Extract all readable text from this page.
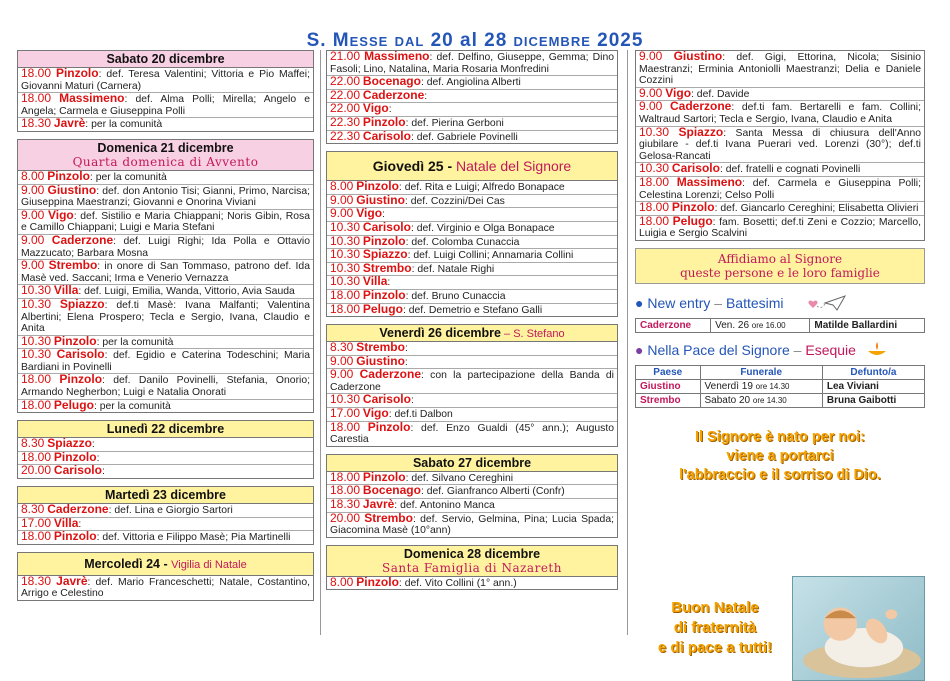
S. Messe dal 20 al 28 dicembre 2025
Sabato 20 dicembre
18.00 Pinzolo: def. Teresa Valentini; Vittoria e Pio Maffei; Giovanni Maturi (Carnera)
18.00 Massimeno: def. Alma Polli; Mirella; Angelo e Angela; Carmela e Giuseppina Polli
18.30 Javrè: per la comunità
Domenica 21 dicembre
Quarta domenica di Avvento
8.00 Pinzolo: per la comunità
9.00 Giustino: def. don Antonio Tisi; Gianni, Primo, Narcisa; Giuseppina Maestranzi; Giovanni e Onorina Viviani
9.00 Vigo: def. Sistilio e Maria Chiappani; Noris Gibin, Rosa e Camillo Chiappani; Luigi e Maria Stefani
9.00 Caderzone: def. Luigi Righi; Ida Polla e Ottavio Mazzucato; Barbara Mosna
9.00 Strembo: in onore di San Tommaso, patrono def. Ida Masè ved. Saccani; Irma e Venerio Vernazza
10.30 Villa: def. Luigi, Emilia, Wanda, Vittorio, Avia Sauda
10.30 Spiazzo: def.ti Masè: Ivana Malfanti; Valentina Albertini; Elena Prospero; Tecla e Sergio, Ivana, Claudio e Anita
10.30 Pinzolo: per la comunità
10.30 Carisolo: def. Egidio e Caterina Todeschini; Maria Bardiani in Povinelli
18.00 Pinzolo: def. Danilo Povinelli, Stefania, Onorio; Armando Negherbon; Luigi e Natalia Onorati
18.00 Pelugo: per la comunità
Lunedì 22 dicembre
8.30 Spiazzo:
18.00 Pinzolo:
20.00 Carisolo:
Martedì 23 dicembre
8.30 Caderzone: def. Lina e Giorgio Sartori
17.00 Villa:
18.00 Pinzolo: def. Vittoria e Filippo Masè; Pia Martinelli
Mercoledì 24 - Vigilia di Natale
18.30 Javrè: def. Mario Franceschetti; Natale, Costantino, Arrigo e Celestino
21.00 Massimeno: def. Delfino, Giuseppe, Gemma; Dino Fasoli; Lino, Natalina, Maria Rosaria Monfredini
22.00 Bocenago: def. Angiolina Alberti
22.00 Caderzone:
22.00 Vigo:
22.30 Pinzolo: def. Pierina Gerboni
22.30 Carisolo: def. Gabriele Povinelli
Giovedì 25 - Natale del Signore
8.00 Pinzolo: def. Rita e Luigi; Alfredo Bonapace
9.00 Giustino: def. Cozzini/Dei Cas
9.00 Vigo:
10.30 Carisolo: def. Virginio e Olga Bonapace
10.30 Pinzolo: def. Colomba Cunaccia
10.30 Spiazzo: def. Luigi Collini; Annamaria Collini
10.30 Strembo: def. Natale Righi
10.30 Villa:
18.00 Pinzolo: def. Bruno Cunaccia
18.00 Pelugo: def. Demetrio e Stefano Galli
Venerdì 26 dicembre – S. Stefano
8.30 Strembo:
9.00 Giustino:
9.00 Caderzone: con la partecipazione della Banda di Caderzone
10.30 Carisolo:
17.00 Vigo: def.ti Dalbon
18.00 Pinzolo: def. Enzo Gualdi (45° ann.); Augusto Carestia
Sabato 27 dicembre
18.00 Pinzolo: def. Silvano Cereghini
18.00 Bocenago: def. Gianfranco Alberti (Confr)
18.30 Javrè: def. Antonino Manca
20.00 Strembo: def. Servio, Gelmina, Pina; Lucia Spada; Giacomina Masè (10°ann)
Domenica 28 dicembre
Santa Famiglia di Nazareth
8.00 Pinzolo: def. Vito Collini (1° ann.)
9.00 Giustino: def. Gigi, Ettorina, Nicola; Sisinio Maestranzi; Erminia Antoniolli Maestranzi; Delia e Daniele Cozzini
9.00 Vigo: def. Davide
9.00 Caderzone: def.ti fam. Bertarelli e fam. Collini; Waltraud Sartori; Tecla e Sergio, Ivana, Claudio e Anita
10.30 Spiazzo: Santa Messa di chiusura dell'Anno giubilare - def.ti Ivana Puerari ved. Lorenzi (30°); def.ti Gelosa-Rancati
10.30 Carisolo: def. fratelli e cognati Povinelli
18.00 Massimeno: def. Carmela e Giuseppina Polli; Celestina Lorenzi; Celso Polli
18.00 Pinzolo: def. Giancarlo Cereghini; Elisabetta Olivieri
18.00 Pelugo: fam. Bosetti; def.ti Zeni e Cozzio; Marcello, Luigia e Sergio Scalvini
Affidiamo al Signore
queste persone e le loro famiglie
● New entry – Battesimi
Caderzone	Ven. 26 ore 16.00	Matilde Ballardini
● Nella Pace del Signore – Esequie
Paese	Funerale	Defunto/a
Giustino	Venerdì 19 ore 14.30	Lea Viviani
Strembo	Sabato 20 ore 14.30	Bruna Gaibotti
Il Signore è nato per noi:
viene a portarci
l'abbraccio e il sorriso di Dio.
Buon Natale
di fraternità
e di pace a tutti!
